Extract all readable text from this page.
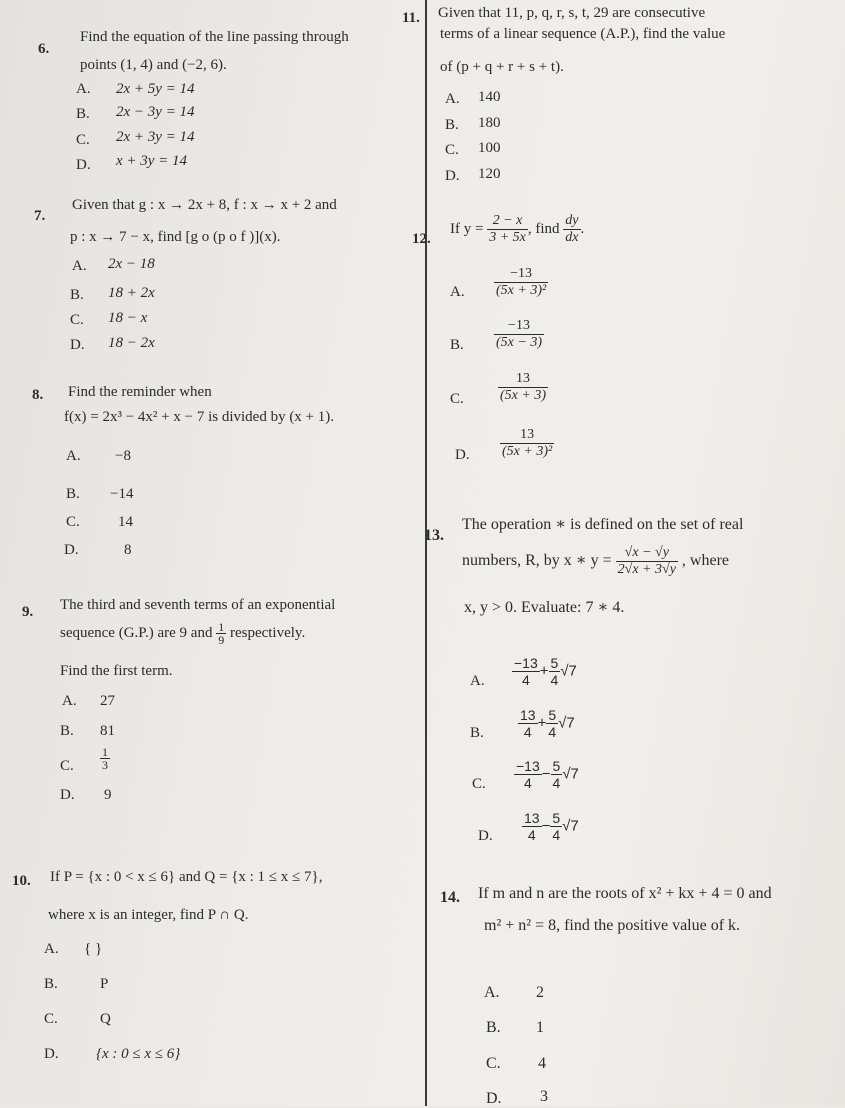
6.
Find the equation of the line passing through
points (1, 4) and (−2, 6).
A. 2x + 5y = 14
B. 2x − 3y = 14
C. 2x + 3y = 14
D. x + 3y = 14
7.
Given that g : x → 2x + 8, f : x → x + 2 and
p : x → 7 − x, find [g o (p o f )](x).
A. 2x − 18
B. 18 + 2x
C. 18 − x
D. 18 − 2x
8. Find the reminder when
f(x) = 2x³ − 4x² + x − 7 is divided by (x + 1).
A. −8
B. −14
C.	14
D.	8
9. The third and seventh terms of an exponential
sequence (G.P.) are 9 and $\frac{1}{9}$ respectively.
Find the first term.
A. 27
B. 81
C. $\frac{1}{3}$
D. 9
10. If P = {x : 0 < x ≤ 6} and Q = {x : 1 ≤ x ≤ 7},
where x is an integer, find P ∩ Q.
A. { }
B.	P
C.	Q
D. {x : 0 ≤ x ≤ 6}
11. Given that 11, p, q, r, s, t, 29 are consecutive
terms of a linear sequence (A.P.), find the value
of (p + q + r + s + t).
A. 140
B. 180
C. 100
D. 120
12.
If $y = \frac{2 - x}{3 + 5x}$ , find $\frac{dy}{dx}$ .
A. $\frac{-13}{\text{(5x + 3)²}}$
B. $\frac{-13}{(5x - 3)}$
C. $\frac{13}{(5x + 3)}$
D. $\frac{13}{\text{(5x + 3)²}}$
13.
The operation ∗ is defined on the set of real
numbers, R, by x ∗ $y = \frac{√x - √y}{2√x + 3√y}$ , where
x, y > 0. Evaluate: 7 ∗ 4.
A. $\frac{-13}{4} + \frac{5}{4} √7$
B. $\frac{13}{4} + \frac{5}{4} √7$
C. $\frac{-13}{4} - \frac{5}{4} √7$
D. $\frac{13}{4} - \frac{5}{4} √7$
14. If m and n are the roots of x² + kx + 4 = 0 and
m² + n² = 8, find the positive value of k.
A. 2
B. 1
C. 4
D. 3
